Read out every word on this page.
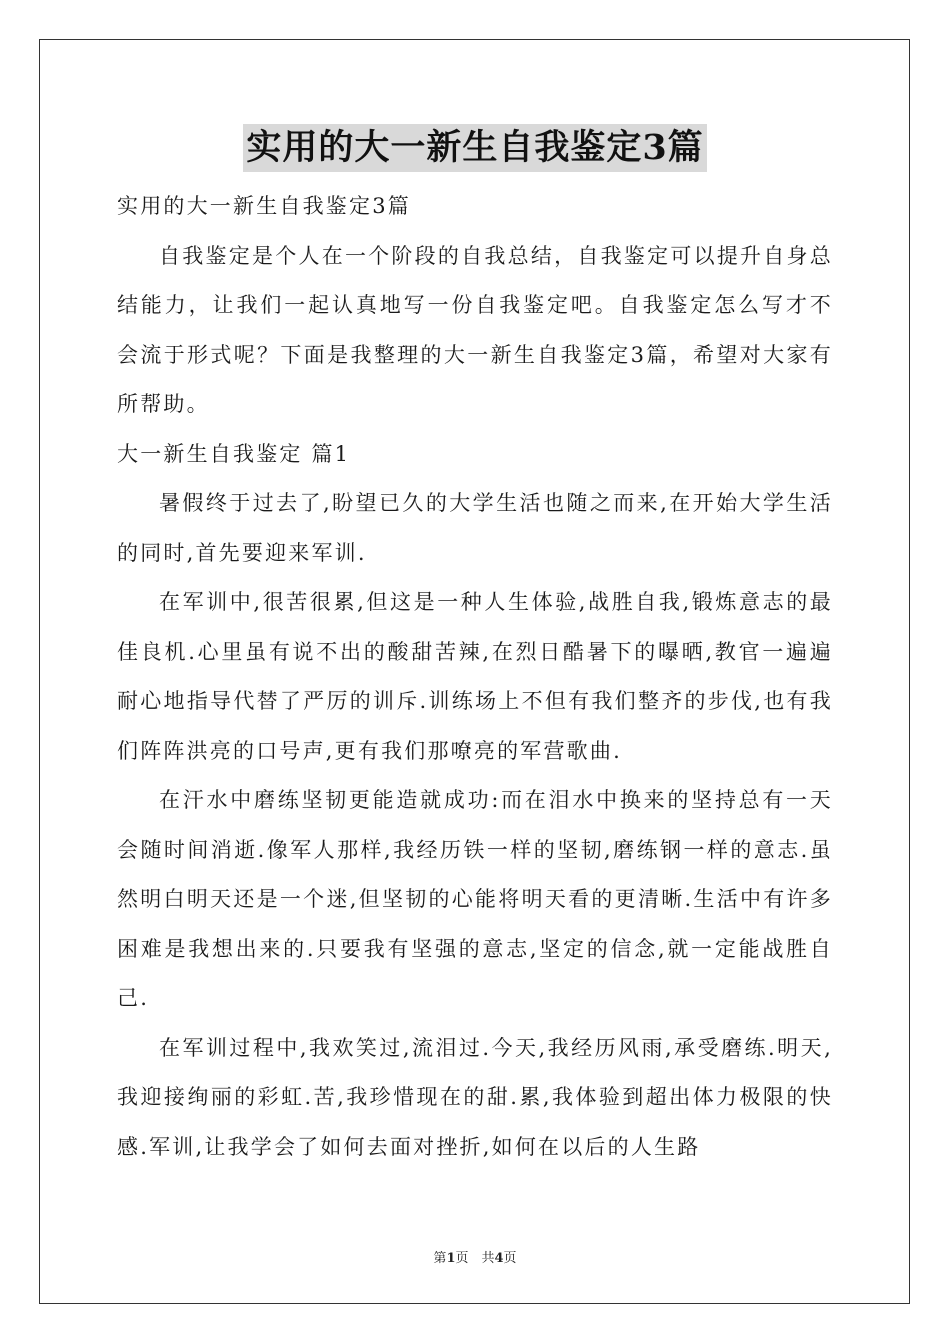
实用的大一新生自我鉴定3篇

实用的大一新生自我鉴定3篇

自我鉴定是个人在一个阶段的自我总结，自我鉴定可以提升自身总结能力，让我们一起认真地写一份自我鉴定吧。自我鉴定怎么写才不会流于形式呢？下面是我整理的大一新生自我鉴定3篇，希望对大家有所帮助。

大一新生自我鉴定 篇1

暑假终于过去了,盼望已久的大学生活也随之而来,在开始大学生活的同时,首先要迎来军训.

在军训中,很苦很累,但这是一种人生体验,战胜自我,锻炼意志的最佳良机.心里虽有说不出的酸甜苦辣,在烈日酷暑下的曝晒,教官一遍遍耐心地指导代替了严厉的训斥.训练场上不但有我们整齐的步伐,也有我们阵阵洪亮的口号声,更有我们那嘹亮的军营歌曲.

在汗水中磨练坚韧更能造就成功:而在泪水中换来的坚持总有一天会随时间消逝.像军人那样,我经历铁一样的坚韧,磨练钢一样的意志.虽然明白明天还是一个迷,但坚韧的心能将明天看的更清晰.生活中有许多困难是我想出来的.只要我有坚强的意志,坚定的信念,就一定能战胜自己.

在军训过程中,我欢笑过,流泪过.今天,我经历风雨,承受磨练.明天,我迎接绚丽的彩虹.苦,我珍惜现在的甜.累,我体验到超出体力极限的快感.军训,让我学会了如何去面对挫折,如何在以后的人生路

第1页　共4页
